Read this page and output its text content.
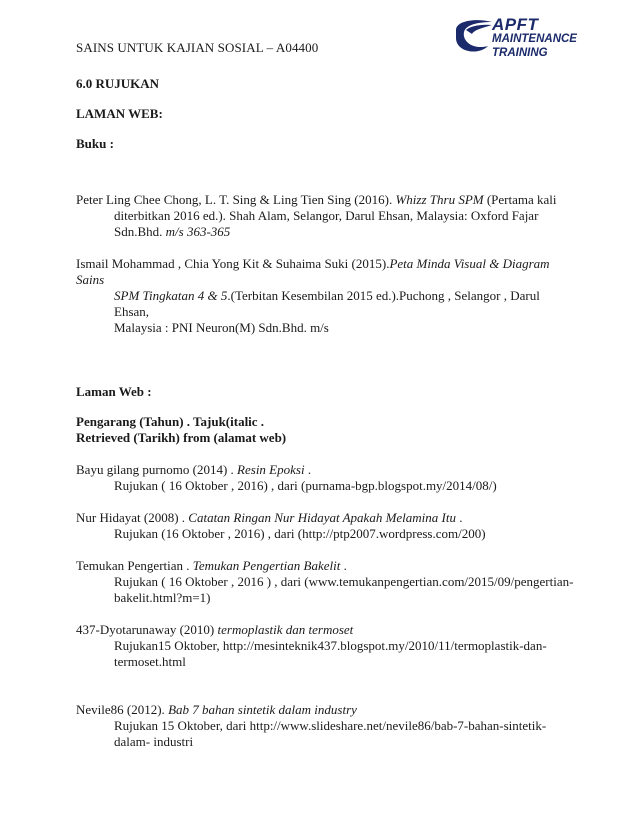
SAINS UNTUK KAJIAN SOSIAL – A04400
APFT
MAINTENANCE
TRAINING

6.0 RUJUKAN

LAMAN WEB:

Buku :

Peter Ling Chee Chong, L. T. Sing & Ling Tien Sing (2016). Whizz Thru SPM (Pertama kali
diterbitkan 2016 ed.). Shah Alam, Selangor, Darul Ehsan, Malaysia: Oxford Fajar
Sdn.Bhd. m/s 363-365
Ismail Mohammad , Chia Yong Kit & Suhaima Suki (2015).Peta Minda Visual & Diagram
Sains
SPM Tingkatan 4 & 5.(Terbitan Kesembilan 2015 ed.).Puchong , Selangor , Darul Ehsan,
Malaysia : PNI Neuron(M) Sdn.Bhd. m/s

Laman Web :

Pengarang (Tahun) . Tajuk(italic .
Retrieved (Tarikh) from (alamat web)
Bayu gilang purnomo (2014) . Resin Epoksi .
Rujukan ( 16 Oktober , 2016) , dari (purnama-bgp.blogspot.my/2014/08/)
Nur Hidayat (2008) . Catatan Ringan Nur Hidayat Apakah Melamina Itu .
Rujukan (16 Oktober , 2016) , dari (http://ptp2007.wordpress.com/200)
Temukan Pengertian . Temukan Pengertian Bakelit .
Rujukan ( 16 Oktober , 2016 ) , dari (www.temukanpengertian.com/2015/09/pengertian-
bakelit.html?m=1)
437-Dyotarunaway (2010) termoplastik dan termoset
Rujukan15 Oktober, http://mesinteknik437.blogspot.my/2010/11/termoplastik-dan-
termoset.html
Nevile86 (2012). Bab 7 bahan sintetik dalam industry
Rujukan 15 Oktober, dari http://www.slideshare.net/nevile86/bab-7-bahan-sintetik-
dalam- industri
